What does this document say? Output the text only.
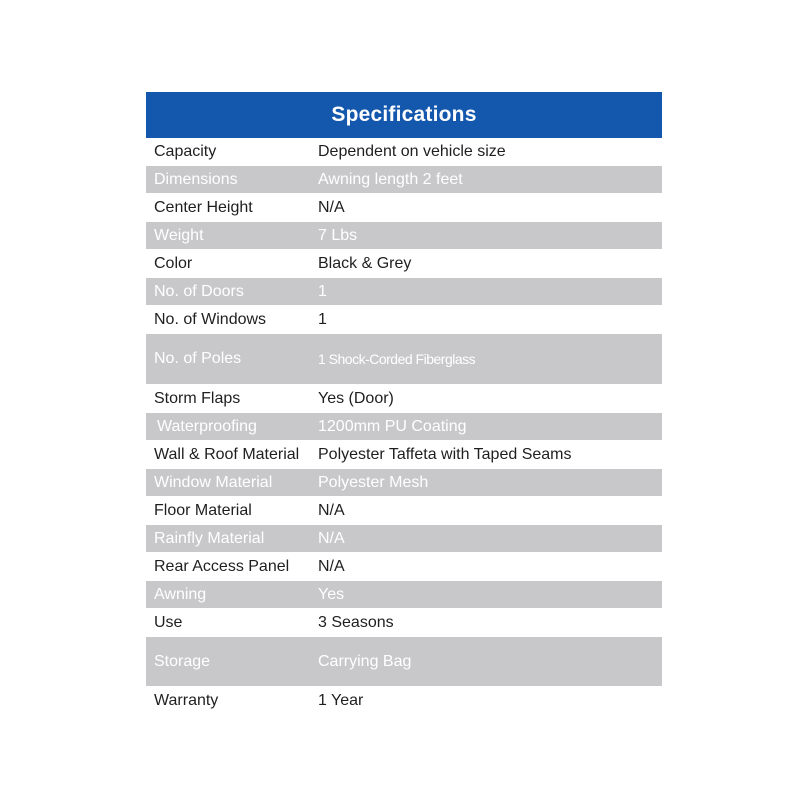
Specifications
Capacity	Dependent on vehicle size
Dimensions	Awning length 2 feet
Center Height	N/A
Weight	7 Lbs
Color	Black & Grey
No. of Doors	1
No. of Windows	1
No. of Poles	1 Shock-Corded Fiberglass
Storm Flaps	Yes (Door)
Waterproofing	1200mm PU Coating
Wall & Roof Material	Polyester Taffeta with Taped Seams
Window Material	Polyester Mesh
Floor Material	N/A
Rainfly Material	N/A
Rear Access Panel	N/A
Awning	Yes
Use	3 Seasons
Storage	Carrying Bag
Warranty	1 Year
